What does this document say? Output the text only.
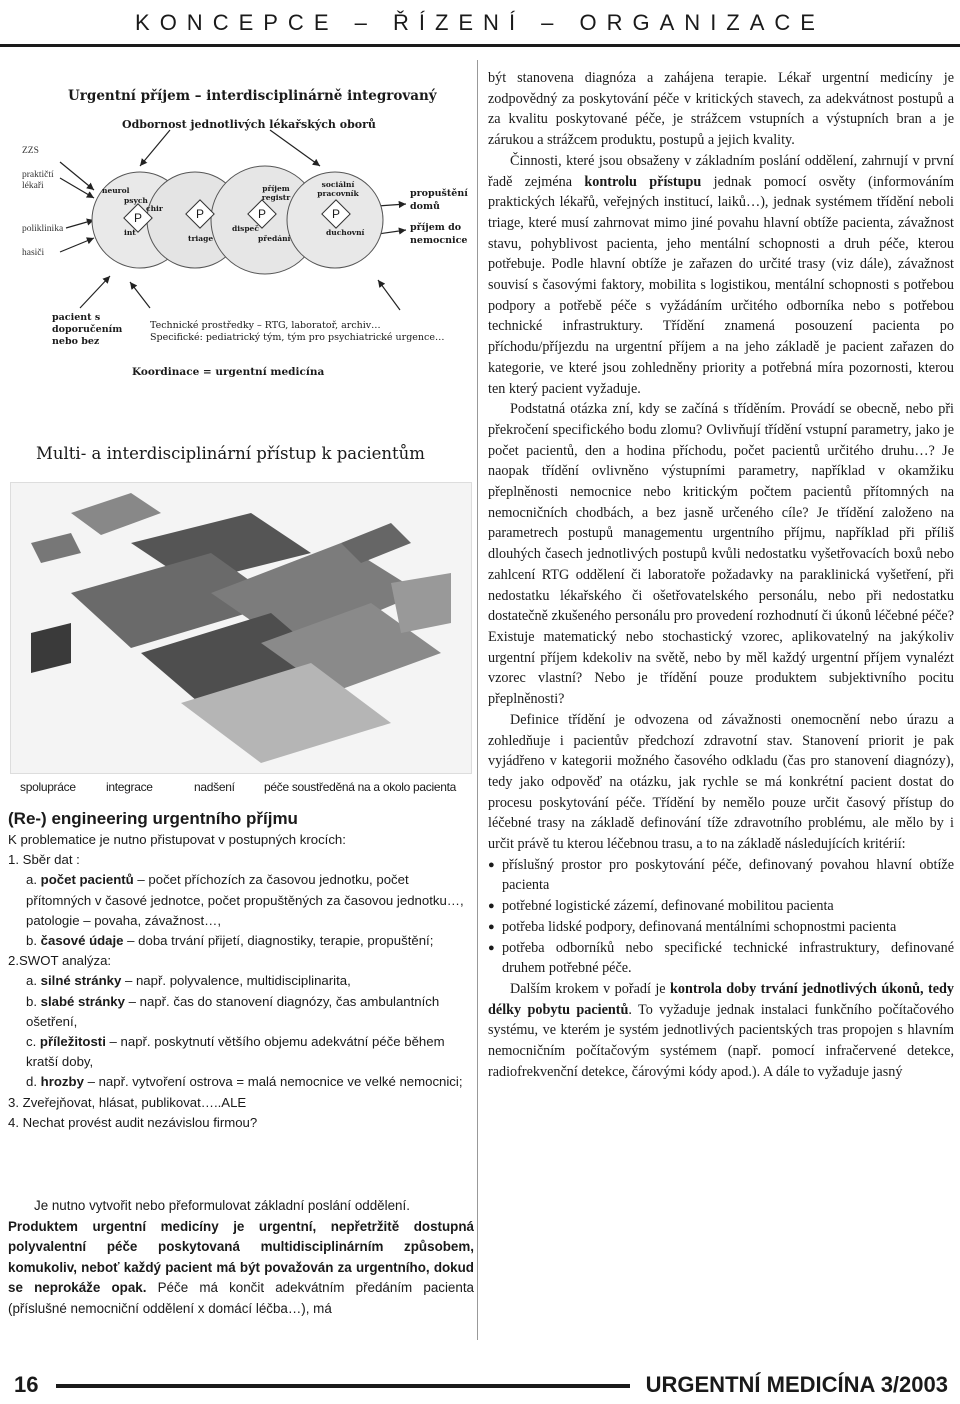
KONCEPCE – ŘÍZENÍ – ORGANIZACE
Urgentní příjem – interdisciplinárně integrovaný
Odbornost jednotlivých lékařských oborů
ZZS
praktičtí lékaři
poliklinika
hasiči
neurol
psych
chir
int
P
triage
P
příjem registr
dispeč
předání
P
sociální pracovník
duchovní
P
propuštění domů
příjem do nemocnice
pacient s doporučením nebo bez
Technické prostředky – RTG, laboratoř, archiv…
Specifické: pediatrický tým, tým pro psychiatrické urgence…
Koordinace = urgentní medicína
Multi- a interdisciplinární přístup k pacientům
spolupráce	integrace	nadšení péče soustředěná na a okolo pacienta
(Re-) engineering urgentního příjmu

K problematice je nutno přistupovat v postupných krocích:

1. Sběr dat :

a. počet pacientů – počet příchozích za časovou jednotku, počet přítomných v časové jednotce, počet propuštěných za časovou jednotku…, patologie – povaha, závažnost…,

b. časové údaje – doba trvání přijetí, diagnostiky, terapie, propuštění;

2.SWOT analýza:

a. silné stránky – např. polyvalence, multidisciplinarita,

b. slabé stránky – např. čas do stanovení diagnózy, čas ambulantních ošetření,

c. příležitosti – např. poskytnutí většího objemu adekvátní péče během kratší doby,

d. hrozby – např. vytvoření ostrova = malá nemocnice ve velké nemocnici;

3. Zveřejňovat, hlásat, publikovat…..ALE

4. Nechat provést audit nezávislou firmou?

Je nutno vytvořit nebo přeformulovat základní poslání oddělení.

Produktem urgentní medicíny je urgentní, nepřetržitě dostupná polyvalentní péče poskytovaná multidisciplinárním způsobem, komukoliv, neboť každý pacient má být považován za urgentního, dokud se neprokáže opak. Péče má končit adekvátním předáním pacienta (příslušné nemocniční oddělení x domácí léčba…), má

být stanovena diagnóza a zahájena terapie. Lékař urgentní medicíny je zodpovědný za poskytování péče v kritických stavech, za adekvátnost postupů a za kvalitu poskytované péče, je strážcem vstupních a výstupních bran a je zárukou a strážcem produktu, postupů a jejich kvality.

Činnosti, které jsou obsaženy v základním poslání oddělení, zahrnují v první řadě zejména kontrolu přístupu jednak pomocí osvěty (informováním praktických lékařů, veřejných institucí, laiků…), jednak systémem třídění neboli triage, které musí zahrnovat mimo jiné povahu hlavní obtíže pacienta, závažnost stavu, pohyblivost pacienta, jeho mentální schopnosti a druh péče, kterou potřebuje. Podle hlavní obtíže je zařazen do určité trasy (viz dále), závažnost souvisí s časovými faktory, mobilita s logistikou, mentální schopnosti s potřebou podpory a potřebě péče s vyžádáním určitého odborníka nebo s potřebou technické infrastruktury. Třídění znamená posouzení pacienta po příchodu/příjezdu na urgentní příjem a na jeho základě je pacient zařazen do kategorie, ve které jsou zohledněny priority a potřebná míra pozornosti, kterou ten který pacient vyžaduje.

Podstatná otázka zní, kdy se začíná s tříděním. Provádí se obecně, nebo při překročení specifického bodu zlomu? Ovlivňují třídění vstupní parametry, jako je počet pacientů, den a hodina příchodu, počet pacientů určitého druhu…? Je naopak třídění ovlivněno výstupními parametry, například v okamžiku přeplněnosti nemocnice nebo kritickým počtem pacientů přítomných na nemocničních chodbách, a bez jasně určeného cíle? Je třídění založeno na parametrech postupů managementu urgentního příjmu, například při příliš dlouhých časech jednotlivých postupů kvůli nedostatku vyšetřovacích boxů nebo zahlcení RTG oddělení či laboratoře požadavky na paraklinická vyšetření, při nedostatku lékařského či ošetřovatelského personálu, nebo při nedostatku dostatečně zkušeného personálu pro provedení rozhodnutí či úkonů léčebné péče? Existuje matematický nebo stochastický vzorec, aplikovatelný na jakýkoliv urgentní příjem kdekoliv na světě, nebo by měl každý urgentní příjem vynalézt vzorec vlastní? Nebo je třídění pouze produktem subjektivního pocitu přeplněnosti?

Definice třídění je odvozena od závažnosti onemocnění nebo úrazu a zohledňuje i pacientův předchozí zdravotní stav. Stanovení priorit je pak vyjádřeno v kategorii možného časového odkladu (čas pro stanovení diagnózy), tedy jako odpověď na otázku, jak rychle se má konkrétní pacient dostat do procesu poskytování péče. Třídění by nemělo pouze určit časový přístup do léčebné trasy na základě definování tíže zdravotního problému, ale mělo by i určit právě tu kterou léčebnou trasu, a to na základě následujících kritérií:

● příslušný prostor pro poskytování péče, definovaný povahou hlavní obtíže pacienta
● potřebné logistické zázemí, definované mobilitou pacienta
● potřeba lidské podpory, definovaná mentálními schopnostmi pacienta
● potřeba odborníků nebo specifické technické infrastruktury, definované druhem potřebné péče.

Dalším krokem v pořadí je kontrola doby trvání jednotlivých úkonů, tedy délky pobytu pacientů. To vyžaduje jednak instalaci funkčního počítačového systému, ve kterém je systém jednotlivých pacientských tras propojen s hlavním nemocničním počítačovým systémem (např. pomocí infračervené detekce, radiofrekvenční detekce, čárovými kódy apod.). A dále to vyžaduje jasný

16	URGENTNÍ MEDICÍNA 3/2003
